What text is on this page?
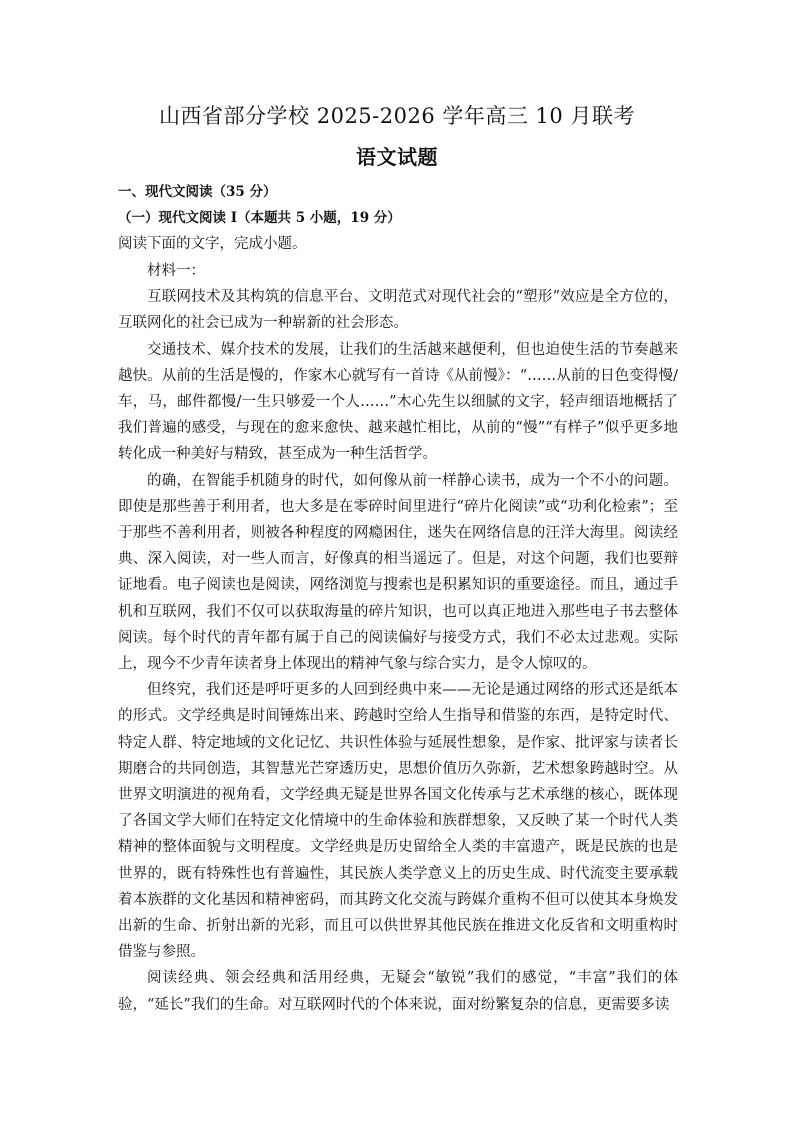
山西省部分学校 2025-2026 学年高三 10 月联考
语文试题
一、现代文阅读（35 分）
（一）现代文阅读 I（本题共 5 小题，19 分）
阅读下面的文字，完成小题。

材料一：

互联网技术及其构筑的信息平台、文明范式对现代社会的“塑形”效应是全方位的，互联网化的社会已成为一种崭新的社会形态。

交通技术、媒介技术的发展，让我们的生活越来越便利，但也迫使生活的节奏越来越快。从前的生活是慢的，作家木心就写有一首诗《从前慢》：“……从前的日色变得慢/车，马，邮件都慢/一生只够爱一个人……”木心先生以细腻的文字，轻声细语地概括了我们普遍的感受，与现在的愈来愈快、越来越忙相比，从前的“慢”“有样子”似乎更多地转化成一种美好与精致，甚至成为一种生活哲学。

的确，在智能手机随身的时代，如何像从前一样静心读书，成为一个不小的问题。即使是那些善于利用者，也大多是在零碎时间里进行“碎片化阅读”或“功利化检索”；至于那些不善利用者，则被各种程度的网瘾困住，迷失在网络信息的汪洋大海里。阅读经典、深入阅读，对一些人而言，好像真的相当遥远了。但是，对这个问题，我们也要辩证地看。电子阅读也是阅读，网络浏览与搜索也是积累知识的重要途径。而且，通过手机和互联网，我们不仅可以获取海量的碎片知识，也可以真正地进入那些电子书去整体阅读。每个时代的青年都有属于自己的阅读偏好与接受方式，我们不必太过悲观。实际上，现今不少青年读者身上体现出的精神气象与综合实力，是令人惊叹的。

但终究，我们还是呼吁更多的人回到经典中来——无论是通过网络的形式还是纸本的形式。文学经典是时间锤炼出来、跨越时空给人生指导和借鉴的东西，是特定时代、特定人群、特定地域的文化记忆、共识性体验与延展性想象，是作家、批评家与读者长期磨合的共同创造，其智慧光芒穿透历史，思想价值历久弥新，艺术想象跨越时空。从世界文明演进的视角看，文学经典无疑是世界各国文化传承与艺术承继的核心，既体现了各国文学大师们在特定文化情境中的生命体验和族群想象，又反映了某一个时代人类精神的整体面貌与文明程度。文学经典是历史留给全人类的丰富遗产，既是民族的也是世界的，既有特殊性也有普遍性，其民族人类学意义上的历史生成、时代流变主要承载着本族群的文化基因和精神密码，而其跨文化交流与跨媒介重构不但可以使其本身焕发出新的生命、折射出新的光彩，而且可以供世界其他民族在推进文化反省和文明重构时借鉴与参照。

阅读经典、领会经典和活用经典，无疑会“敏锐”我们的感觉，“丰富”我们的体验，“延长”我们的生命。对互联网时代的个体来说，面对纷繁复杂的信息，更需要多读
